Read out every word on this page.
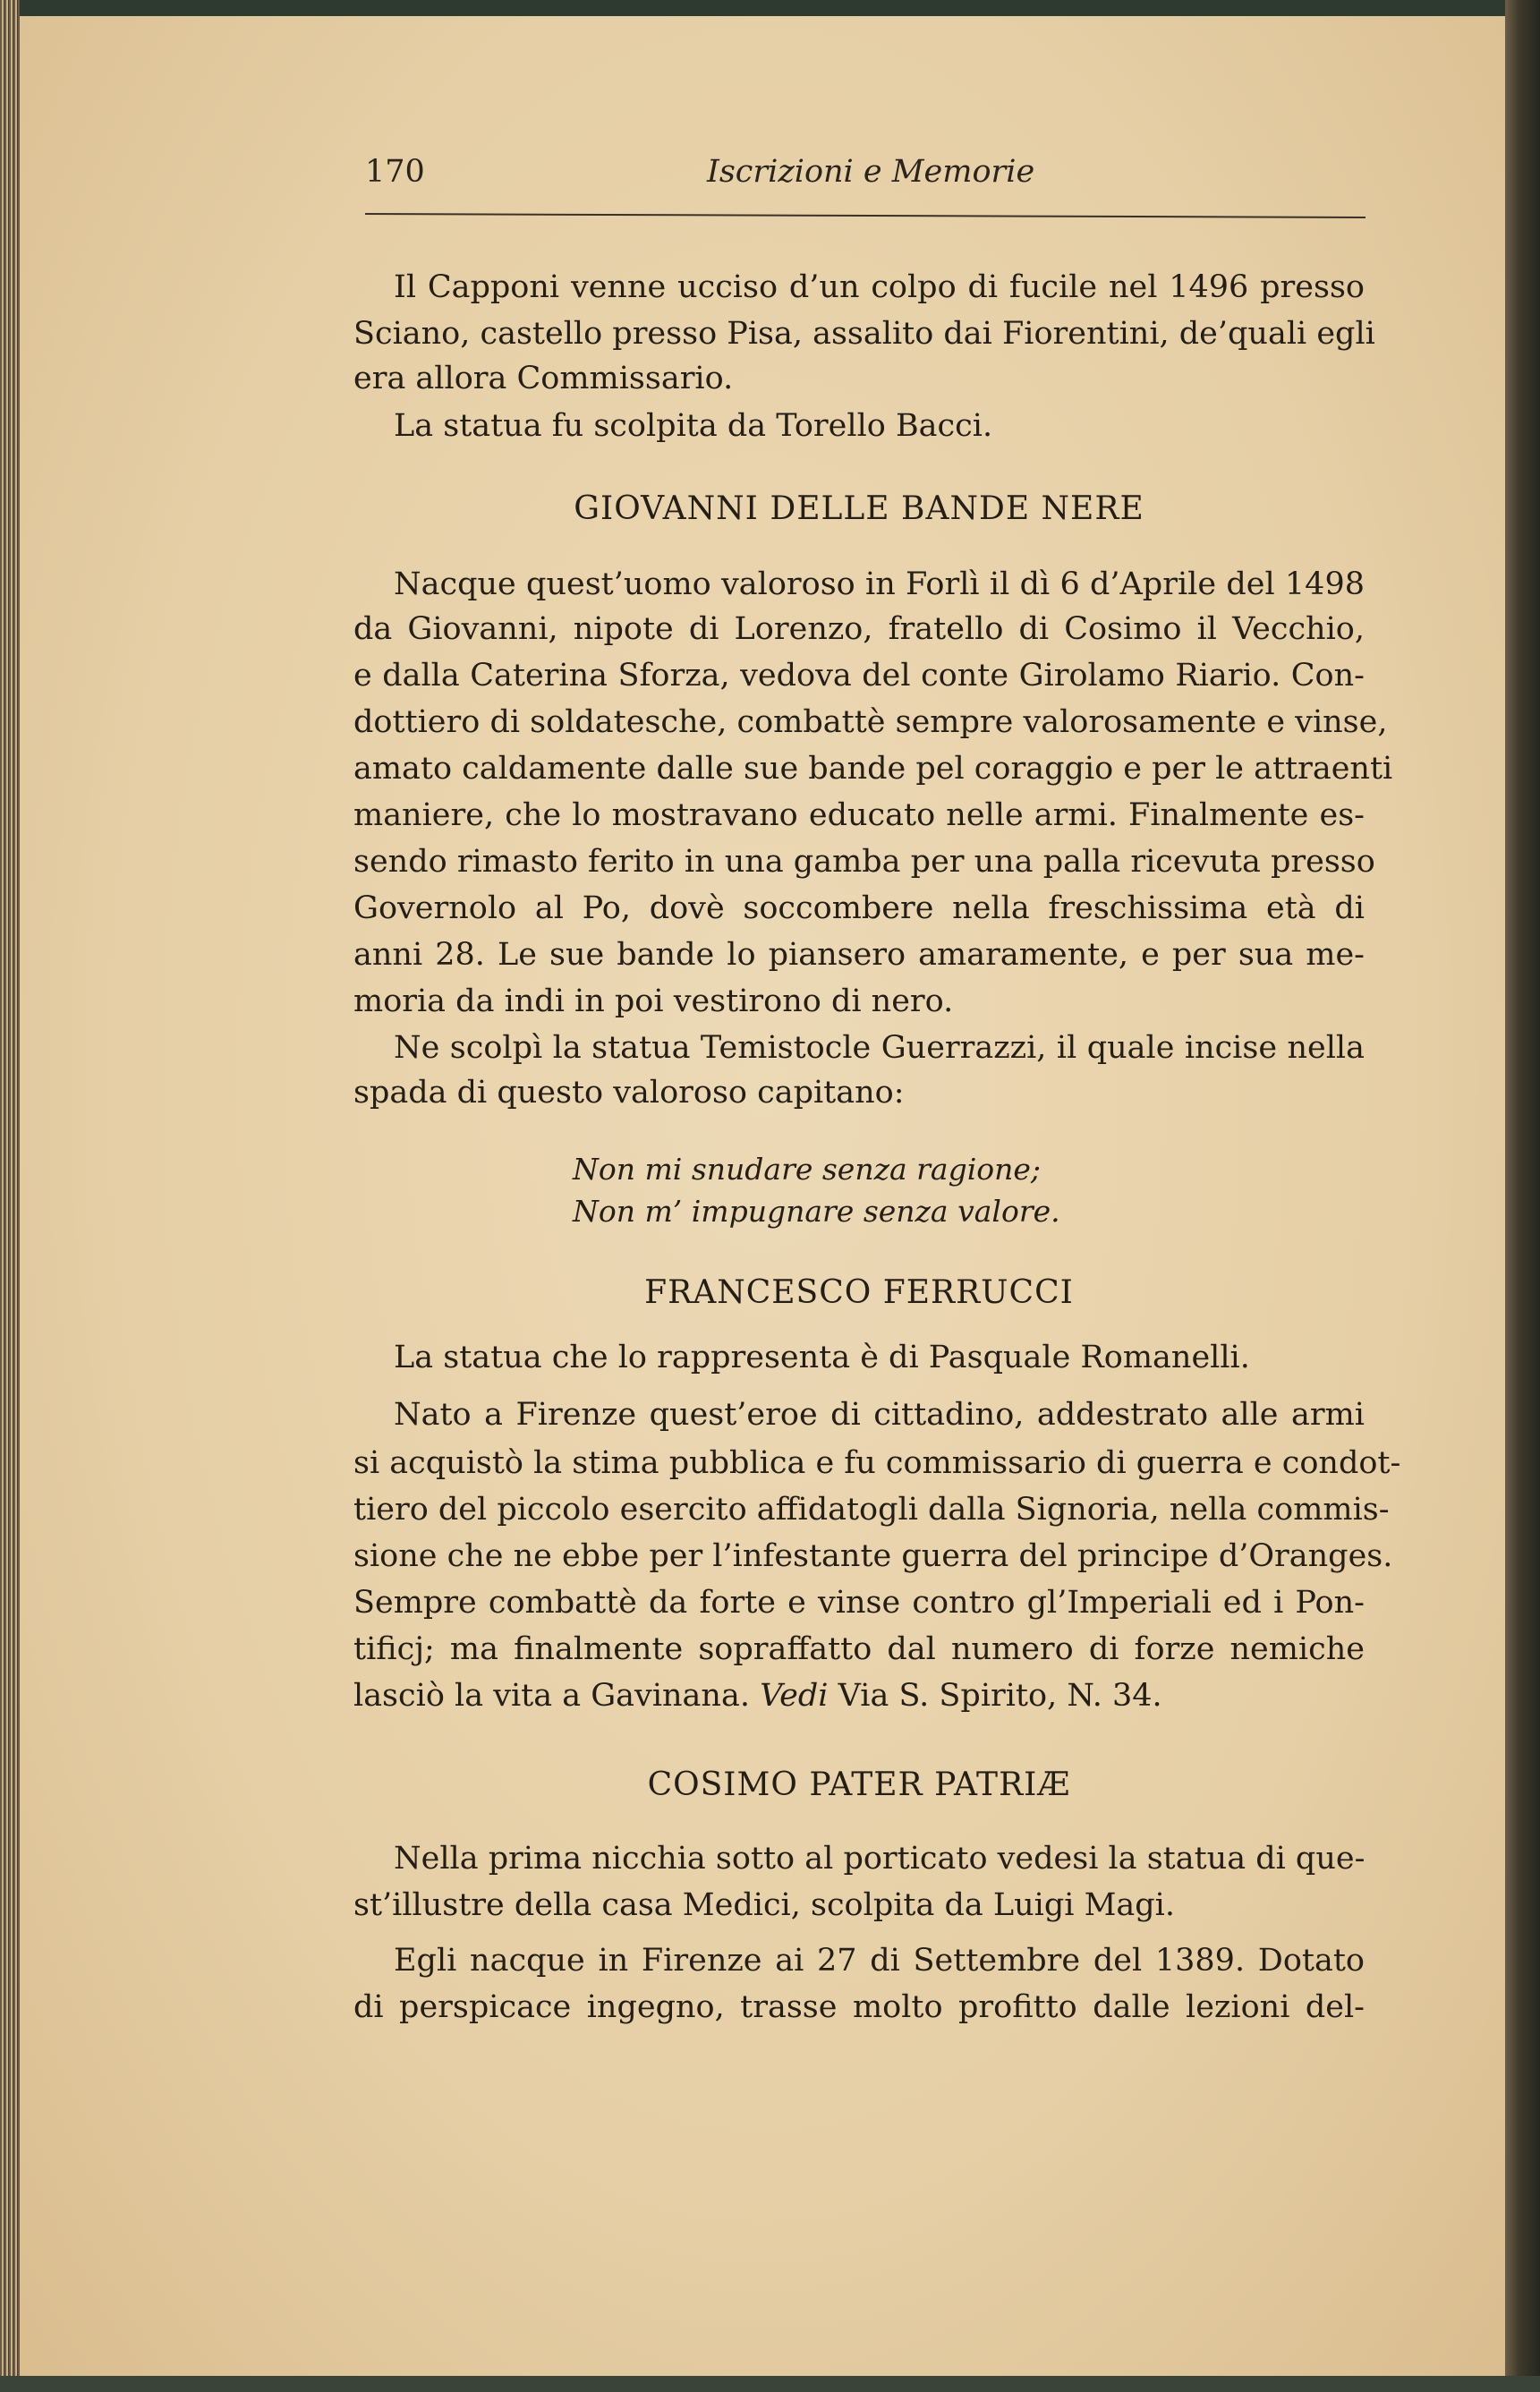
170	Iscrizioni e Memorie
Il Capponi venne ucciso d’un colpo di fucile nel 1496 presso
Sciano, castello presso Pisa, assalito dai Fiorentini, de’quali egli
era allora Commissario.
La statua fu scolpita da Torello Bacci.
GIOVANNI DELLE BANDE NERE
Nacque quest’uomo valoroso in Forlì il dì 6 d’Aprile del 1498
da Giovanni, nipote di Lorenzo, fratello di Cosimo il Vecchio,
e dalla Caterina Sforza, vedova del conte Girolamo Riario. Con-
dottiero di soldatesche, combattè sempre valorosamente e vinse,
amato caldamente dalle sue bande pel coraggio e per le attraenti
maniere, che lo mostravano educato nelle armi. Finalmente es-
sendo rimasto ferito in una gamba per una palla ricevuta presso
Governolo al Po, dovè soccombere nella freschissima età di
anni 28. Le sue bande lo piansero amaramente, e per sua me-
moria da indi in poi vestirono di nero.
Ne scolpì la statua Temistocle Guerrazzi, il quale incise nella
spada di questo valoroso capitano:
Non mi snudare senza ragione;
Non m’ impugnare senza valore.
FRANCESCO FERRUCCI
La statua che lo rappresenta è di Pasquale Romanelli.
Nato a Firenze quest’eroe di cittadino, addestrato alle armi
si acquistò la stima pubblica e fu commissario di guerra e condot-
tiero del piccolo esercito affidatogli dalla Signoria, nella commis-
sione che ne ebbe per l’infestante guerra del principe d’Oranges.
Sempre combattè da forte e vinse contro gl’Imperiali ed i Pon-
tificj; ma finalmente sopraffatto dal numero di forze nemiche
lasciò la vita a Gavinana. Vedi Via S. Spirito, N. 34.
COSIMO PATER PATRIÆ
Nella prima nicchia sotto al porticato vedesi la statua di que-
st’illustre della casa Medici, scolpita da Luigi Magi.
Egli nacque in Firenze ai 27 di Settembre del 1389. Dotato
di perspicace ingegno, trasse molto profitto dalle lezioni del-
